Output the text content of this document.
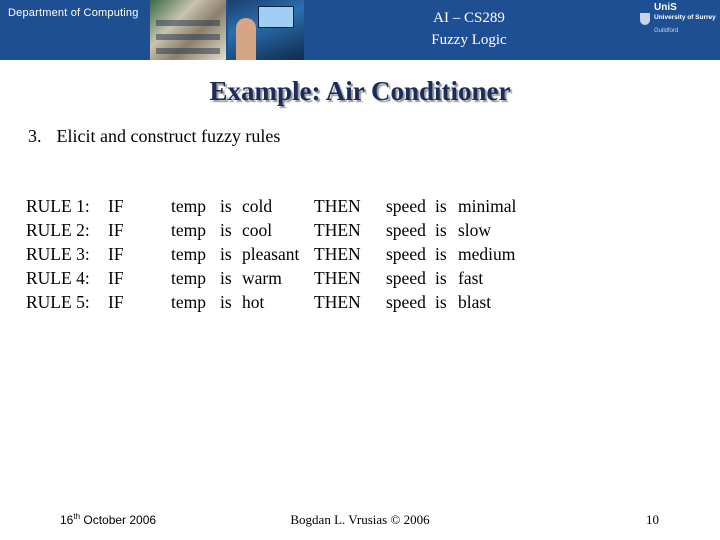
Department of Computing	AI – CS289
Fuzzy Logic
UniS
University of Surrey
Guildford
Example: Air Conditioner
3. Elicit and construct fuzzy rules
RULE 1: IF	temp is cold THEN speed is minimal
RULE 2: IF	temp is cool THEN speed is slow
RULE 3: IF	temp is pleasant THEN speed is medium
RULE 4: IF	temp is warm THEN speed is fast
RULE 5: IF	temp is hot	THEN speed is blast
16th October 2006	Bogdan L. Vrusias © 2006	10
